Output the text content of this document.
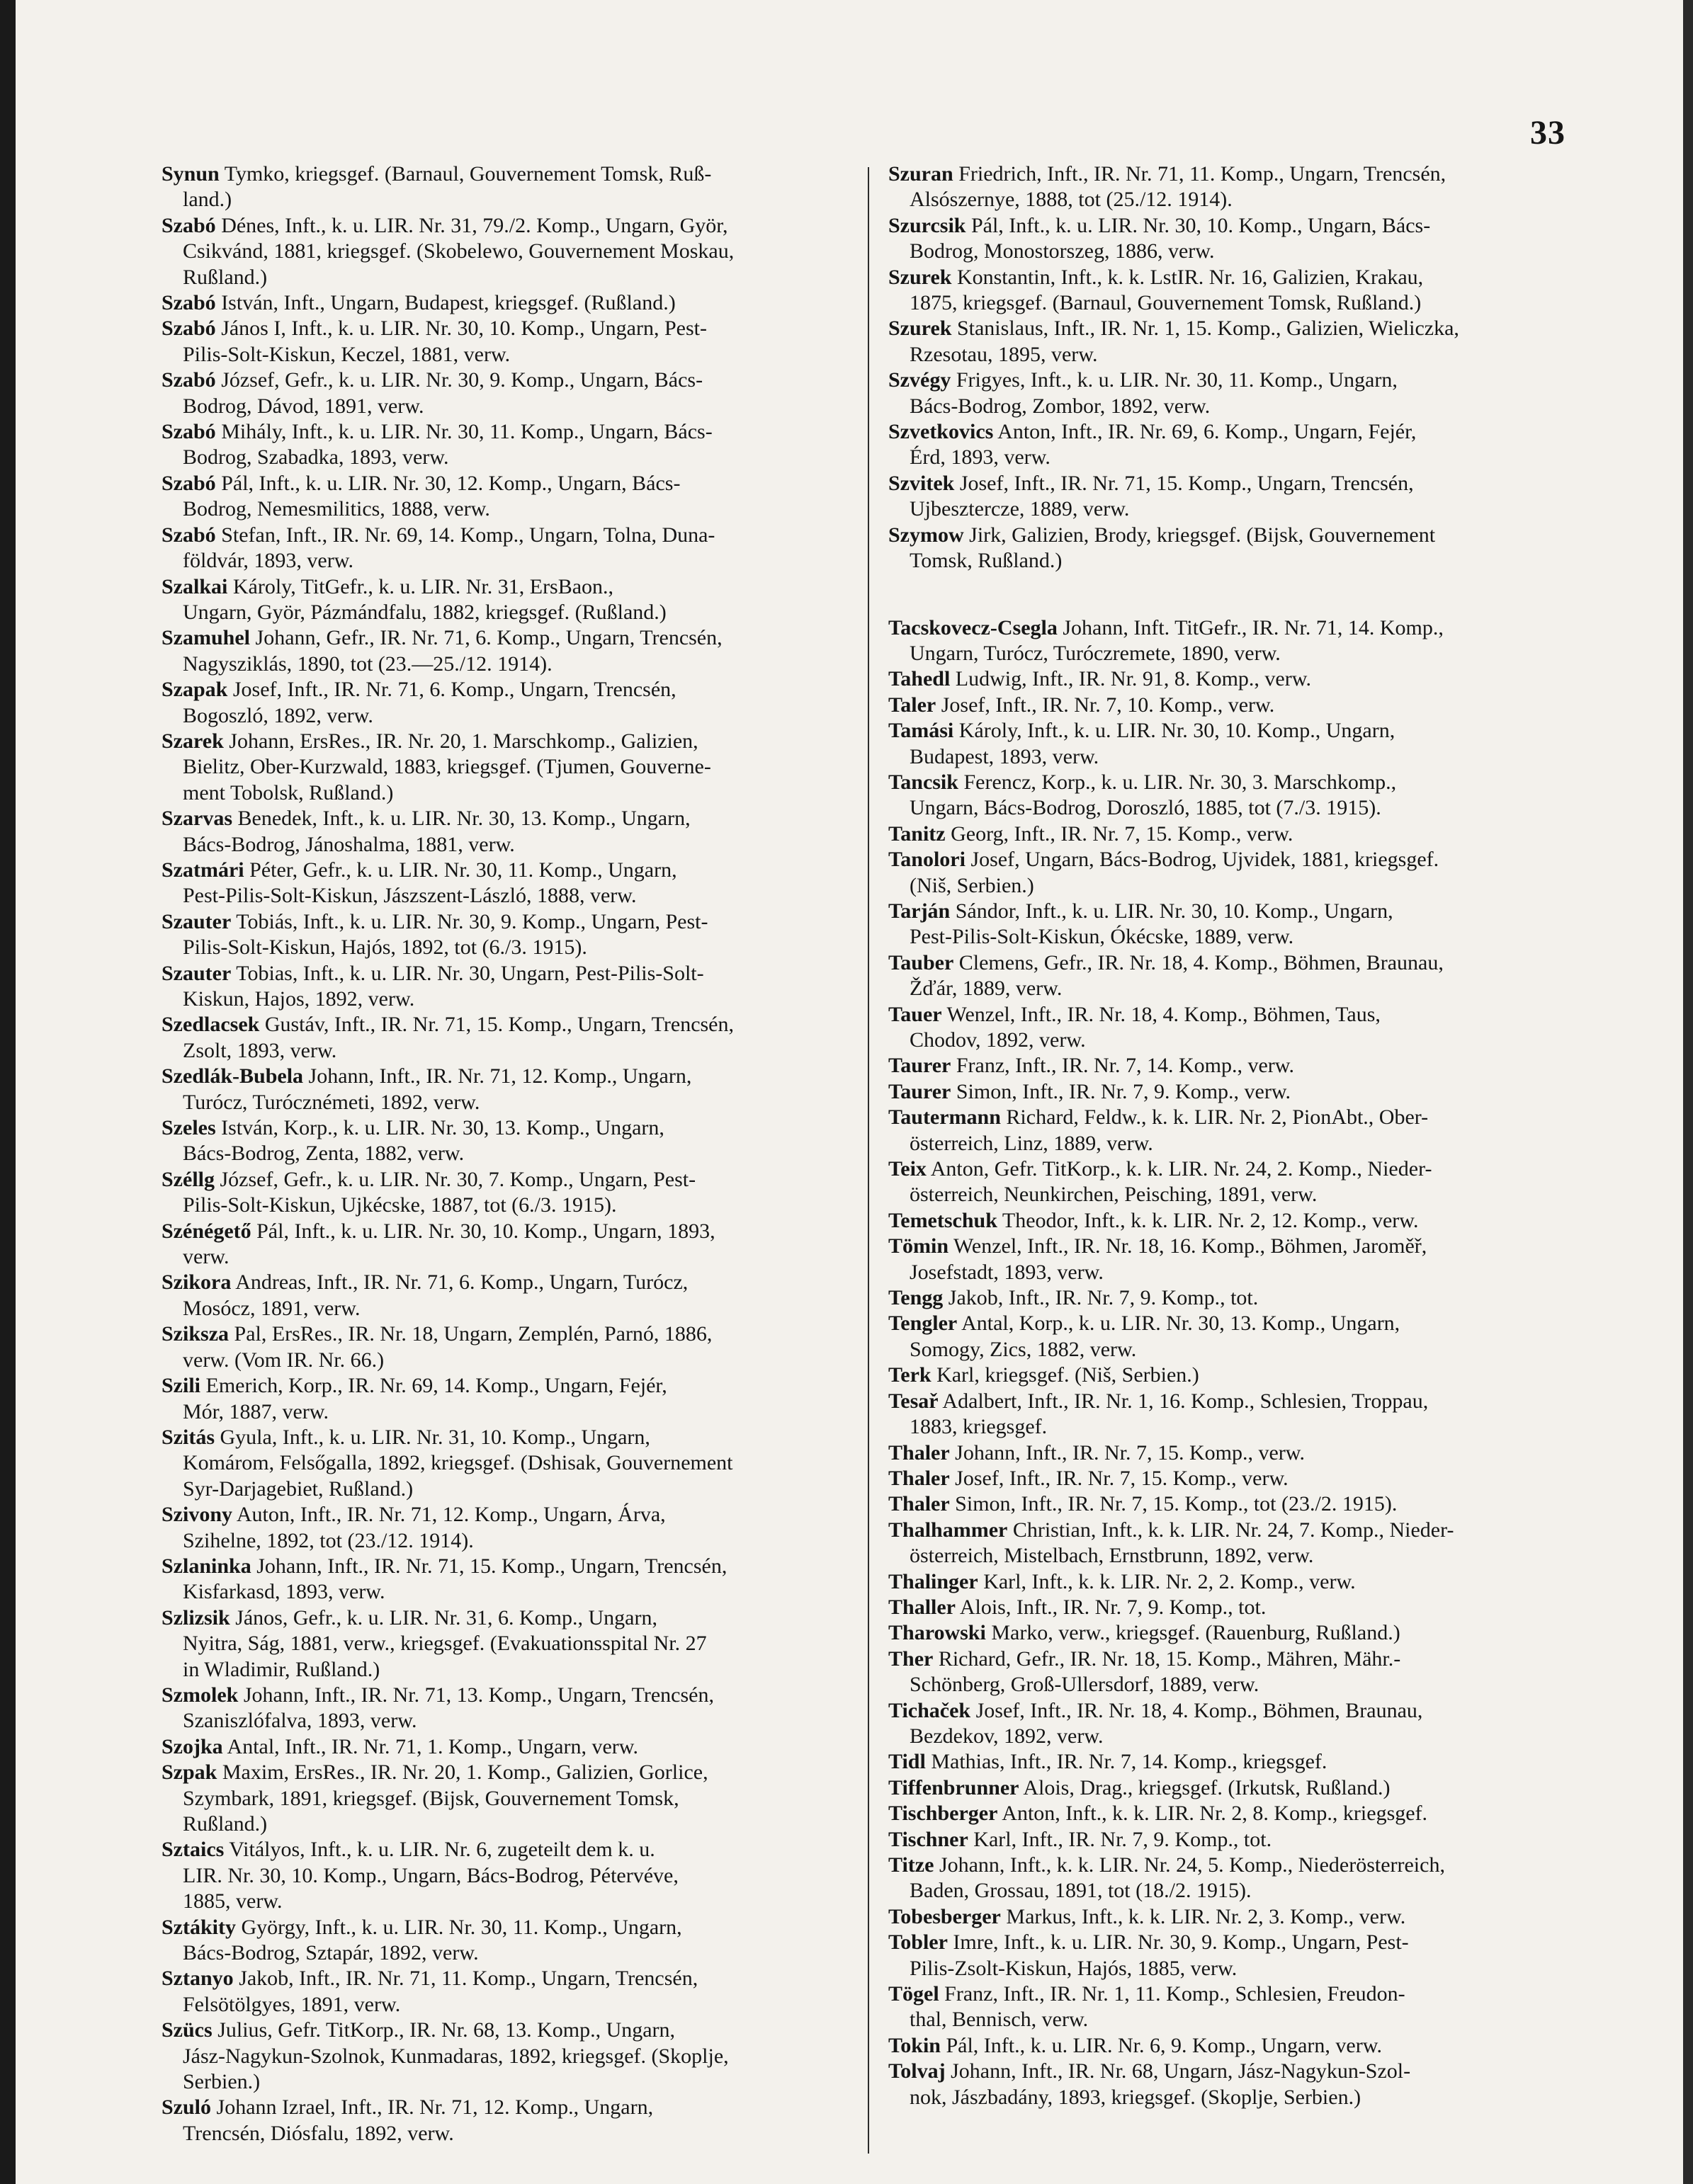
33
Synun Tymko, kriegsgef. (Barnaul, Gouvernement Tomsk, Ruß-
land.)
Szabó Dénes, Inft., k. u. LIR. Nr. 31, 79./2. Komp., Ungarn, Györ,
Csikvánd, 1881, kriegsgef. (Skobelewo, Gouvernement Moskau,
Rußland.)
Szabó István, Inft., Ungarn, Budapest, kriegsgef. (Rußland.)
Szabó János I, Inft., k. u. LIR. Nr. 30, 10. Komp., Ungarn, Pest-
Pilis-Solt-Kiskun, Keczel, 1881, verw.
Szabó József, Gefr., k. u. LIR. Nr. 30, 9. Komp., Ungarn, Bács-
Bodrog, Dávod, 1891, verw.
Szabó Mihály, Inft., k. u. LIR. Nr. 30, 11. Komp., Ungarn, Bács-
Bodrog, Szabadka, 1893, verw.
Szabó Pál, Inft., k. u. LIR. Nr. 30, 12. Komp., Ungarn, Bács-
Bodrog, Nemesmilitics, 1888, verw.
Szabó Stefan, Inft., IR. Nr. 69, 14. Komp., Ungarn, Tolna, Duna-
földvár, 1893, verw.
Szalkai Károly, TitGefr., k. u. LIR. Nr. 31, ErsBaon.,
Ungarn, Györ, Pázmándfalu, 1882, kriegsgef. (Rußland.)
Szamuhel Johann, Gefr., IR. Nr. 71, 6. Komp., Ungarn, Trencsén,
Nagysziklás, 1890, tot (23.—25./12. 1914).
Szapak Josef, Inft., IR. Nr. 71, 6. Komp., Ungarn, Trencsén,
Bogoszló, 1892, verw.
Szarek Johann, ErsRes., IR. Nr. 20, 1. Marschkomp., Galizien,
Bielitz, Ober-Kurzwald, 1883, kriegsgef. (Tjumen, Gouverne-
ment Tobolsk, Rußland.)
Szarvas Benedek, Inft., k. u. LIR. Nr. 30, 13. Komp., Ungarn,
Bács-Bodrog, Jánoshalma, 1881, verw.
Szatmári Péter, Gefr., k. u. LIR. Nr. 30, 11. Komp., Ungarn,
Pest-Pilis-Solt-Kiskun, Jászszent-László, 1888, verw.
Szauter Tobiás, Inft., k. u. LIR. Nr. 30, 9. Komp., Ungarn, Pest-
Pilis-Solt-Kiskun, Hajós, 1892, tot (6./3. 1915).
Szauter Tobias, Inft., k. u. LIR. Nr. 30, Ungarn, Pest-Pilis-Solt-
Kiskun, Hajos, 1892, verw.
Szedlacsek Gustáv, Inft., IR. Nr. 71, 15. Komp., Ungarn, Trencsén,
Zsolt, 1893, verw.
Szedlák-Bubela Johann, Inft., IR. Nr. 71, 12. Komp., Ungarn,
Turócz, Turócznémeti, 1892, verw.
Szeles István, Korp., k. u. LIR. Nr. 30, 13. Komp., Ungarn,
Bács-Bodrog, Zenta, 1882, verw.
Széllg József, Gefr., k. u. LIR. Nr. 30, 7. Komp., Ungarn, Pest-
Pilis-Solt-Kiskun, Ujkécske, 1887, tot (6./3. 1915).
Szénégető Pál, Inft., k. u. LIR. Nr. 30, 10. Komp., Ungarn, 1893,
verw.
Szikora Andreas, Inft., IR. Nr. 71, 6. Komp., Ungarn, Turócz,
Mosócz, 1891, verw.
Sziksza Pal, ErsRes., IR. Nr. 18, Ungarn, Zemplén, Parnó, 1886,
verw. (Vom IR. Nr. 66.)
Szili Emerich, Korp., IR. Nr. 69, 14. Komp., Ungarn, Fejér,
Mór, 1887, verw.
Szitás Gyula, Inft., k. u. LIR. Nr. 31, 10. Komp., Ungarn,
Komárom, Felsőgalla, 1892, kriegsgef. (Dshisak, Gouvernement
Syr-Darjagebiet, Rußland.)
Szivony Auton, Inft., IR. Nr. 71, 12. Komp., Ungarn, Árva,
Szihelne, 1892, tot (23./12. 1914).
Szlaninka Johann, Inft., IR. Nr. 71, 15. Komp., Ungarn, Trencsén,
Kisfarkasd, 1893, verw.
Szlizsik János, Gefr., k. u. LIR. Nr. 31, 6. Komp., Ungarn,
Nyitra, Ság, 1881, verw., kriegsgef. (Evakuationsspital Nr. 27
in Wladimir, Rußland.)
Szmolek Johann, Inft., IR. Nr. 71, 13. Komp., Ungarn, Trencsén,
Szaniszlófalva, 1893, verw.
Szojka Antal, Inft., IR. Nr. 71, 1. Komp., Ungarn, verw.
Szpak Maxim, ErsRes., IR. Nr. 20, 1. Komp., Galizien, Gorlice,
Szymbark, 1891, kriegsgef. (Bijsk, Gouvernement Tomsk,
Rußland.)
Sztaics Vitályos, Inft., k. u. LIR. Nr. 6, zugeteilt dem k. u.
LIR. Nr. 30, 10. Komp., Ungarn, Bács-Bodrog, Pétervéve,
1885, verw.
Sztákity György, Inft., k. u. LIR. Nr. 30, 11. Komp., Ungarn,
Bács-Bodrog, Sztapár, 1892, verw.
Sztanyo Jakob, Inft., IR. Nr. 71, 11. Komp., Ungarn, Trencsén,
Felsötölgyes, 1891, verw.
Szücs Julius, Gefr. TitKorp., IR. Nr. 68, 13. Komp., Ungarn,
Jász-Nagykun-Szolnok, Kunmadaras, 1892, kriegsgef. (Skoplje,
Serbien.)
Szuló Johann Izrael, Inft., IR. Nr. 71, 12. Komp., Ungarn,
Trencsén, Diósfalu, 1892, verw.
Szuran Friedrich, Inft., IR. Nr. 71, 11. Komp., Ungarn, Trencsén,
Alsószernye, 1888, tot (25./12. 1914).
Szurcsik Pál, Inft., k. u. LIR. Nr. 30, 10. Komp., Ungarn, Bács-
Bodrog, Monostorszeg, 1886, verw.
Szurek Konstantin, Inft., k. k. LstIR. Nr. 16, Galizien, Krakau,
1875, kriegsgef. (Barnaul, Gouvernement Tomsk, Rußland.)
Szurek Stanislaus, Inft., IR. Nr. 1, 15. Komp., Galizien, Wieliczka,
Rzesotau, 1895, verw.
Szvégy Frigyes, Inft., k. u. LIR. Nr. 30, 11. Komp., Ungarn,
Bács-Bodrog, Zombor, 1892, verw.
Szvetkovics Anton, Inft., IR. Nr. 69, 6. Komp., Ungarn, Fejér,
Érd, 1893, verw.
Szvitek Josef, Inft., IR. Nr. 71, 15. Komp., Ungarn, Trencsén,
Ujbesztercze, 1889, verw.
Szymow Jirk, Galizien, Brody, kriegsgef. (Bijsk, Gouvernement
Tomsk, Rußland.)
Tacskovecz-Csegla Johann, Inft. TitGefr., IR. Nr. 71, 14. Komp.,
Ungarn, Turócz, Turóczremete, 1890, verw.
Tahedl Ludwig, Inft., IR. Nr. 91, 8. Komp., verw.
Taler Josef, Inft., IR. Nr. 7, 10. Komp., verw.
Tamási Károly, Inft., k. u. LIR. Nr. 30, 10. Komp., Ungarn,
Budapest, 1893, verw.
Tancsik Ferencz, Korp., k. u. LIR. Nr. 30, 3. Marschkomp.,
Ungarn, Bács-Bodrog, Doroszló, 1885, tot (7./3. 1915).
Tanitz Georg, Inft., IR. Nr. 7, 15. Komp., verw.
Tanolori Josef, Ungarn, Bács-Bodrog, Ujvidek, 1881, kriegsgef.
(Niš, Serbien.)
Tarján Sándor, Inft., k. u. LIR. Nr. 30, 10. Komp., Ungarn,
Pest-Pilis-Solt-Kiskun, Ókécske, 1889, verw.
Tauber Clemens, Gefr., IR. Nr. 18, 4. Komp., Böhmen, Braunau,
Žďár, 1889, verw.
Tauer Wenzel, Inft., IR. Nr. 18, 4. Komp., Böhmen, Taus,
Chodov, 1892, verw.
Taurer Franz, Inft., IR. Nr. 7, 14. Komp., verw.
Taurer Simon, Inft., IR. Nr. 7, 9. Komp., verw.
Tautermann Richard, Feldw., k. k. LIR. Nr. 2, PionAbt., Ober-
österreich, Linz, 1889, verw.
Teix Anton, Gefr. TitKorp., k. k. LIR. Nr. 24, 2. Komp., Nieder-
österreich, Neunkirchen, Peisching, 1891, verw.
Temetschuk Theodor, Inft., k. k. LIR. Nr. 2, 12. Komp., verw.
Tömin Wenzel, Inft., IR. Nr. 18, 16. Komp., Böhmen, Jaroměř,
Josefstadt, 1893, verw.
Tengg Jakob, Inft., IR. Nr. 7, 9. Komp., tot.
Tengler Antal, Korp., k. u. LIR. Nr. 30, 13. Komp., Ungarn,
Somogy, Zics, 1882, verw.
Terk Karl, kriegsgef. (Niš, Serbien.)
Tesař Adalbert, Inft., IR. Nr. 1, 16. Komp., Schlesien, Troppau,
1883, kriegsgef.
Thaler Johann, Inft., IR. Nr. 7, 15. Komp., verw.
Thaler Josef, Inft., IR. Nr. 7, 15. Komp., verw.
Thaler Simon, Inft., IR. Nr. 7, 15. Komp., tot (23./2. 1915).
Thalhammer Christian, Inft., k. k. LIR. Nr. 24, 7. Komp., Nieder-
österreich, Mistelbach, Ernstbrunn, 1892, verw.
Thalinger Karl, Inft., k. k. LIR. Nr. 2, 2. Komp., verw.
Thaller Alois, Inft., IR. Nr. 7, 9. Komp., tot.
Tharowski Marko, verw., kriegsgef. (Rauenburg, Rußland.)
Ther Richard, Gefr., IR. Nr. 18, 15. Komp., Mähren, Mähr.-
Schönberg, Groß-Ullersdorf, 1889, verw.
Tichaček Josef, Inft., IR. Nr. 18, 4. Komp., Böhmen, Braunau,
Bezdekov, 1892, verw.
Tidl Mathias, Inft., IR. Nr. 7, 14. Komp., kriegsgef.
Tiffenbrunner Alois, Drag., kriegsgef. (Irkutsk, Rußland.)
Tischberger Anton, Inft., k. k. LIR. Nr. 2, 8. Komp., kriegsgef.
Tischner Karl, Inft., IR. Nr. 7, 9. Komp., tot.
Titze Johann, Inft., k. k. LIR. Nr. 24, 5. Komp., Niederösterreich,
Baden, Grossau, 1891, tot (18./2. 1915).
Tobesberger Markus, Inft., k. k. LIR. Nr. 2, 3. Komp., verw.
Tobler Imre, Inft., k. u. LIR. Nr. 30, 9. Komp., Ungarn, Pest-
Pilis-Zsolt-Kiskun, Hajós, 1885, verw.
Tögel Franz, Inft., IR. Nr. 1, 11. Komp., Schlesien, Freudon-
thal, Bennisch, verw.
Tokin Pál, Inft., k. u. LIR. Nr. 6, 9. Komp., Ungarn, verw.
Tolvaj Johann, Inft., IR. Nr. 68, Ungarn, Jász-Nagykun-Szol-
nok, Jászbadány, 1893, kriegsgef. (Skoplje, Serbien.)
